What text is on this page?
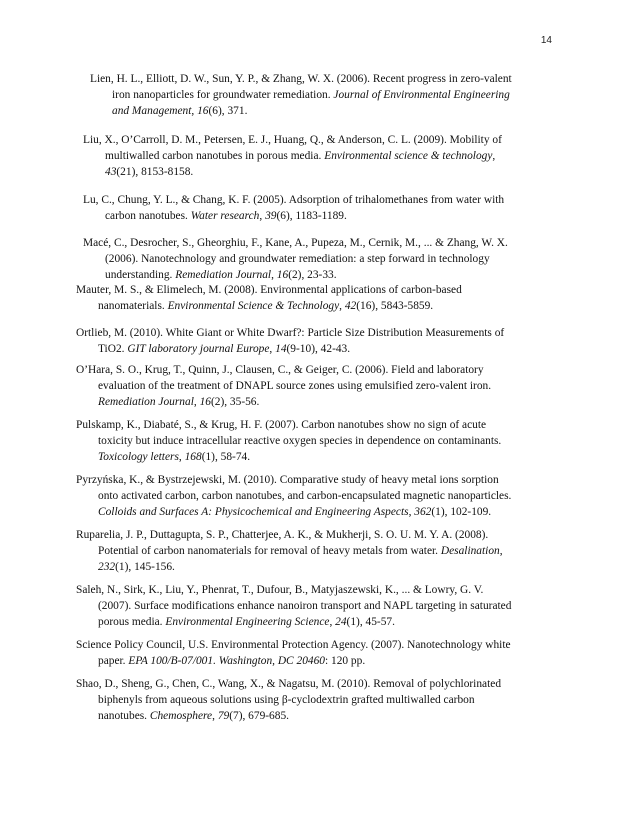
14
Lien, H. L., Elliott, D. W., Sun, Y. P., & Zhang, W. X. (2006). Recent progress in zero-valent
iron nanoparticles for groundwater remediation. Journal of Environmental Engineering
and Management, 16(6), 371.
Liu, X., O’Carroll, D. M., Petersen, E. J., Huang, Q., & Anderson, C. L. (2009). Mobility of
multiwalled carbon nanotubes in porous media. Environmental science & technology,
43(21), 8153-8158.
Lu, C., Chung, Y. L., & Chang, K. F. (2005). Adsorption of trihalomethanes from water with
carbon nanotubes. Water research, 39(6), 1183-1189.
Macé, C., Desrocher, S., Gheorghiu, F., Kane, A., Pupeza, M., Cernik, M., ... & Zhang, W. X.
(2006). Nanotechnology and groundwater remediation: a step forward in technology
understanding. Remediation Journal, 16(2), 23-33.
Mauter, M. S., & Elimelech, M. (2008). Environmental applications of carbon-based
nanomaterials. Environmental Science & Technology, 42(16), 5843-5859.
Ortlieb, M. (2010). White Giant or White Dwarf?: Particle Size Distribution Measurements of
TiO2. GIT laboratory journal Europe, 14(9-10), 42-43.
O’Hara, S. O., Krug, T., Quinn, J., Clausen, C., & Geiger, C. (2006). Field and laboratory
evaluation of the treatment of DNAPL source zones using emulsified zero-valent iron.
Remediation Journal, 16(2), 35-56.
Pulskamp, K., Diabaté, S., & Krug, H. F. (2007). Carbon nanotubes show no sign of acute
toxicity but induce intracellular reactive oxygen species in dependence on contaminants.
Toxicology letters, 168(1), 58-74.
Pyrzyńska, K., & Bystrzejewski, M. (2010). Comparative study of heavy metal ions sorption
onto activated carbon, carbon nanotubes, and carbon-encapsulated magnetic nanoparticles.
Colloids and Surfaces A: Physicochemical and Engineering Aspects, 362(1), 102-109.
Ruparelia, J. P., Duttagupta, S. P., Chatterjee, A. K., & Mukherji, S. O. U. M. Y. A. (2008).
Potential of carbon nanomaterials for removal of heavy metals from water. Desalination,
232(1), 145-156.
Saleh, N., Sirk, K., Liu, Y., Phenrat, T., Dufour, B., Matyjaszewski, K., ... & Lowry, G. V.
(2007). Surface modifications enhance nanoiron transport and NAPL targeting in saturated
porous media. Environmental Engineering Science, 24(1), 45-57.
Science Policy Council, U.S. Environmental Protection Agency. (2007). Nanotechnology white
paper. EPA 100/B-07/001. Washington, DC 20460: 120 pp.
Shao, D., Sheng, G., Chen, C., Wang, X., & Nagatsu, M. (2010). Removal of polychlorinated
biphenyls from aqueous solutions using β-cyclodextrin grafted multiwalled carbon
nanotubes. Chemosphere, 79(7), 679-685.
